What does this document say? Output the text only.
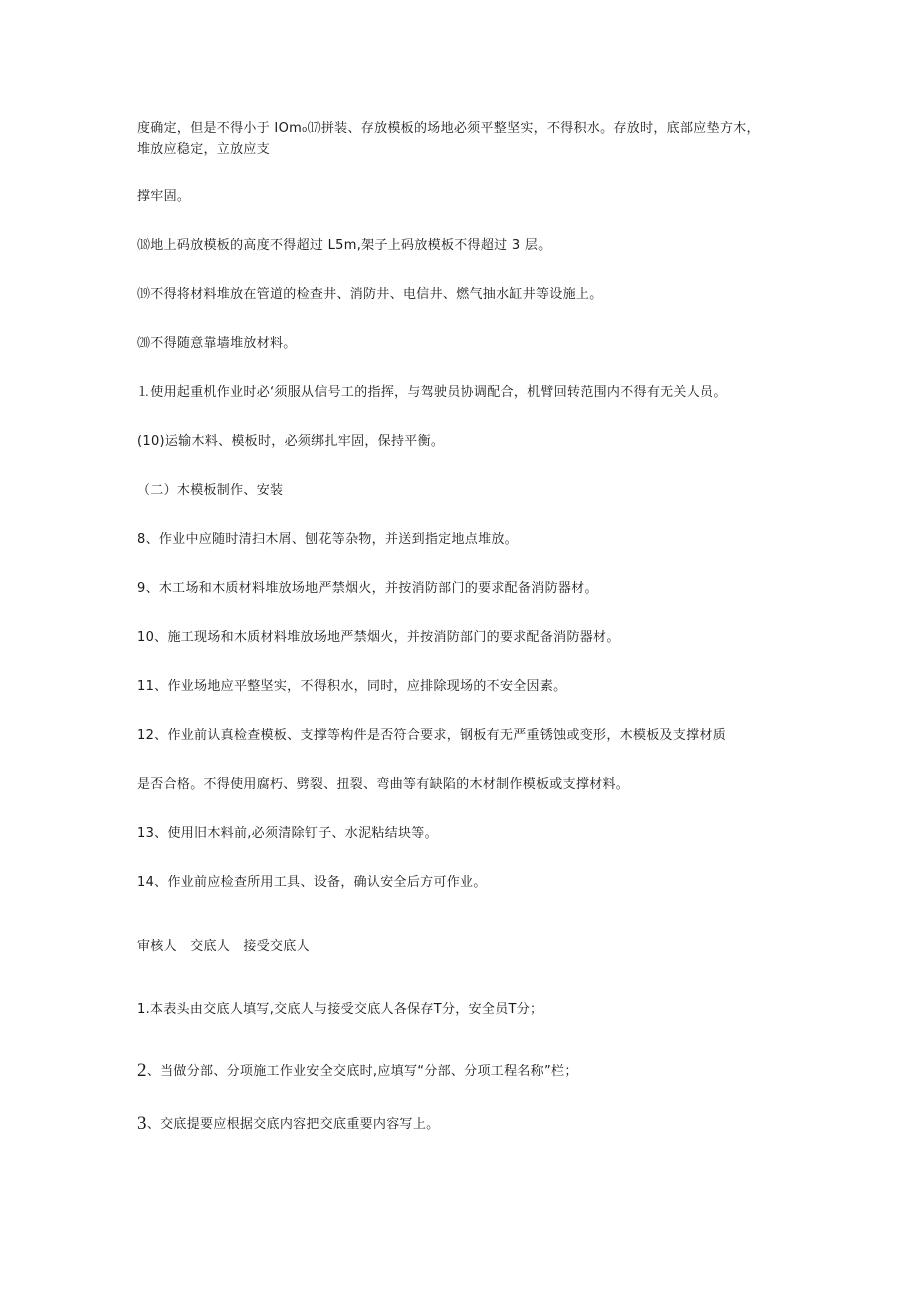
度确定，但是不得小于 IOm₀⒄拼装、存放模板的场地必须平整坚实，不得积水。存放时，底部应垫方木，

堆放应稳定，立放应支

撑牢固。

⒅地上码放模板的高度不得超过 L5m,架子上码放模板不得超过 3 层。

⒆不得将材料堆放在管道的检查井、消防井、电信井、燃气抽水缸井等设施上。

⒇不得随意靠墙堆放材料。

⒈使用起重机作业时必‘须服从信号工的指挥，与驾驶员协调配合，机臂回转范围内不得有无关人员。

(10)运输木料、模板时，必须绑扎牢固，保持平衡。

（二）木模板制作、安装

8、作业中应随时清扫木屑、刨花等杂物，并送到指定地点堆放。

9、木工场和木质材料堆放场地严禁烟火，并按消防部门的要求配备消防器材。

10、施工现场和木质材料堆放场地严禁烟火，并按消防部门的要求配备消防器材。

11、作业场地应平整坚实，不得积水，同时，应排除现场的不安全因素。

12、作业前认真检查模板、支撑等构件是否符合要求，钢板有无严重锈蚀或变形，木模板及支撑材质

是否合格。不得使用腐朽、劈裂、扭裂、弯曲等有缺陷的木材制作模板或支撑材料。

13、使用旧木料前,必须清除钉子、水泥粘结块等。

14、作业前应检查所用工具、设备，确认安全后方可作业。

审核人　交底人　接受交底人

1.本表头由交底人填写,交底人与接受交底人各保存T分，安全员T分；

2、当做分部、分项施工作业安全交底时,应填写“分部、分项工程名称”栏；

3、交底提要应根据交底内容把交底重要内容写上。
